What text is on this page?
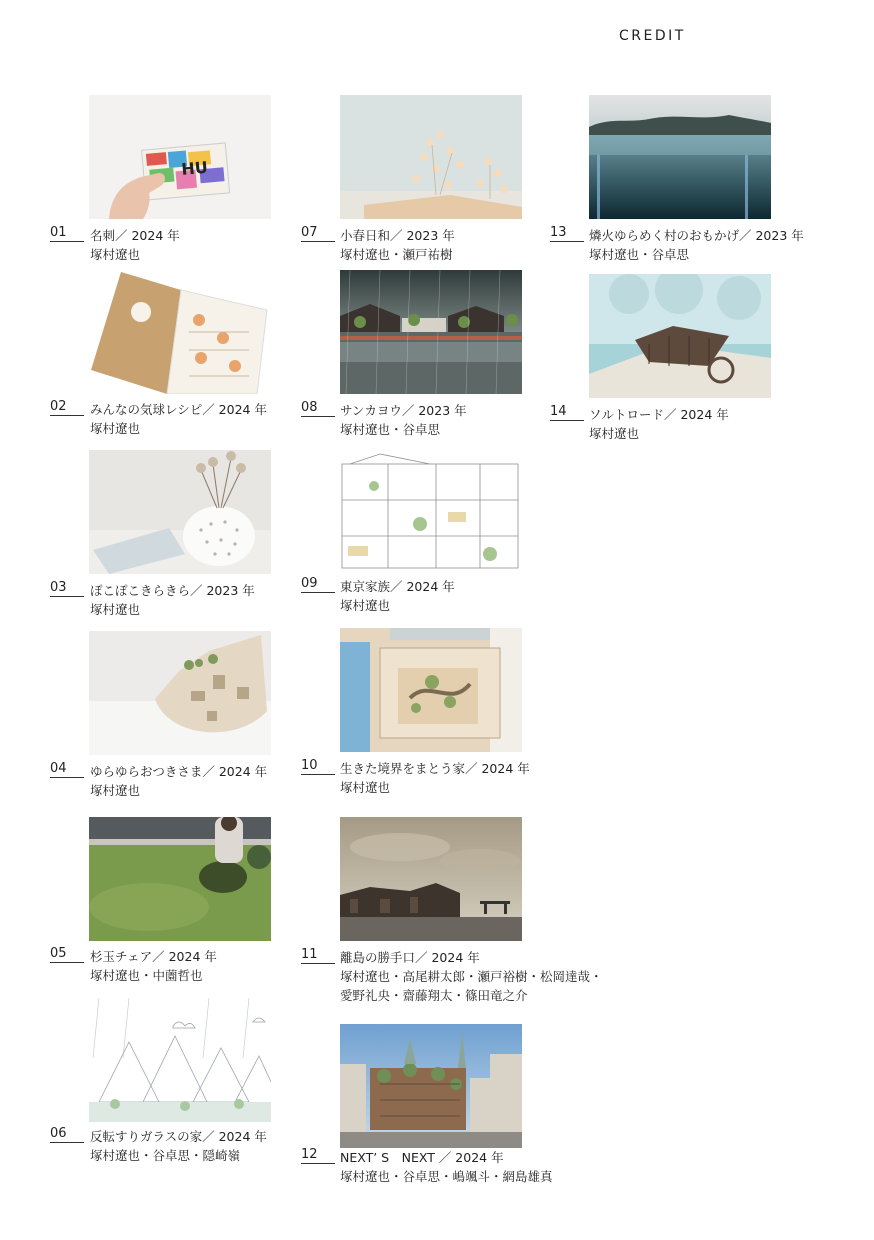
CREDIT
HU
01	名刺／ 2024 年
塚村遼也
02	みんなの気球レシピ／ 2024 年
塚村遼也
03	ぽこぽこきらきら／ 2023 年
塚村遼也
04	ゆらゆらおつきさま／ 2024 年
塚村遼也
05	杉玉チェア／ 2024 年
塚村遼也・中薗哲也
06	反転すりガラスの家／ 2024 年
塚村遼也・谷卓思・隠崎嶺
07	小春日和／ 2023 年
塚村遼也・瀬戸祐樹
08	サンカヨウ／ 2023 年
塚村遼也・谷卓思
09	東京家族／ 2024 年
塚村遼也
10	生きた境界をまとう家／ 2024 年
塚村遼也
11	離島の勝手口／ 2024 年
塚村遼也・高尾耕太郎・瀬戸裕樹・松岡達哉・
愛野礼央・齋藤翔太・篠田竜之介
12	NEXT’ S　NEXT ／ 2024 年
塚村遼也・谷卓思・嶋颯斗・網島雄真
13	燐火ゆらめく村のおもかげ／ 2023 年
塚村遼也・谷卓思
14	ソルトロード／ 2024 年
塚村遼也
